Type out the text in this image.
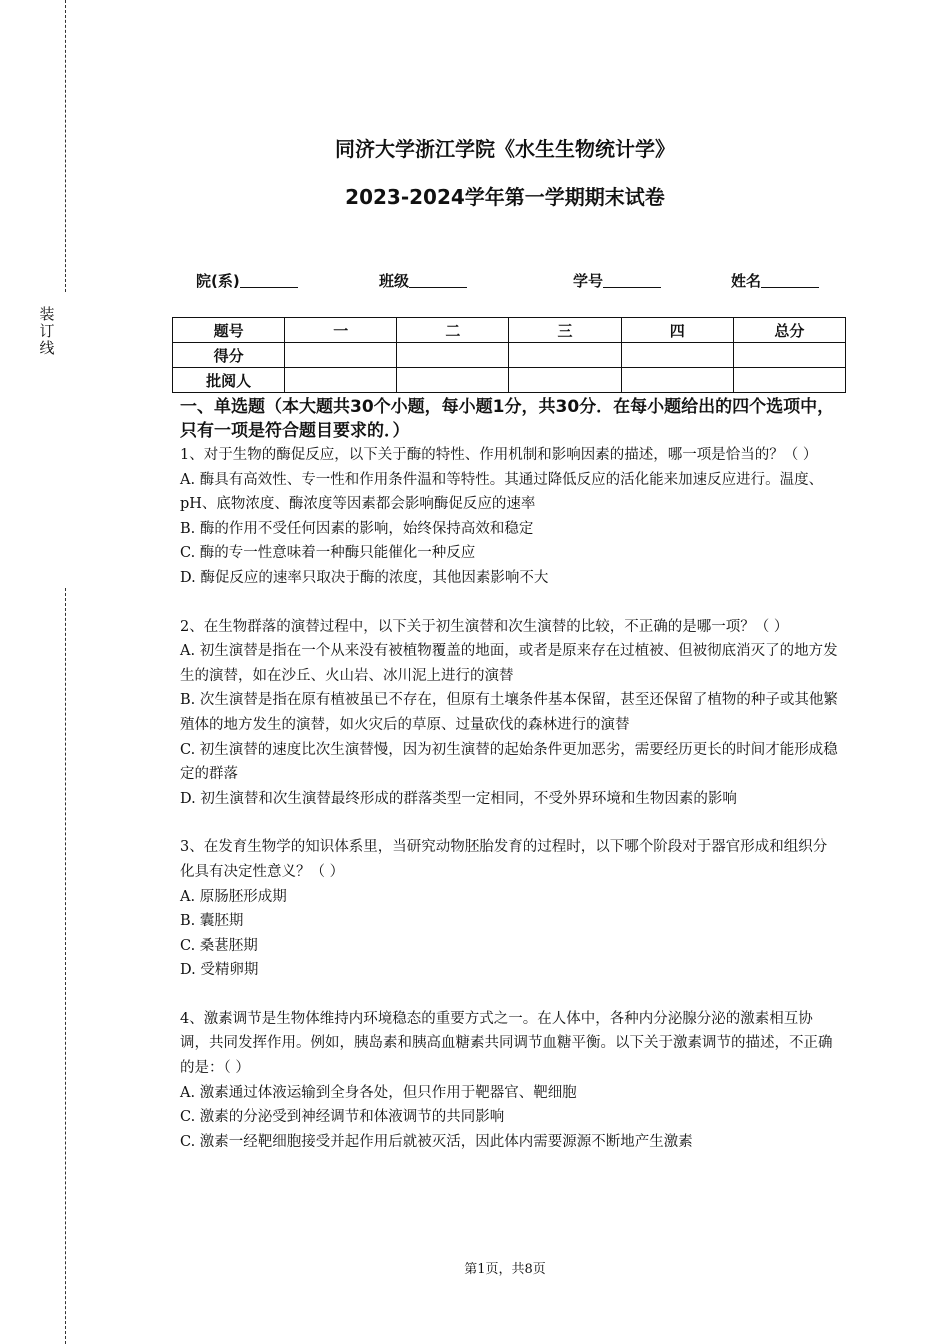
装
订
线
同济大学浙江学院《水生生物统计学》
2023-2024学年第一学期期末试卷
院(系)	班级	学号	姓名
题号	一	二	三	四	总分
得分					
批阅人					

一、单选题（本大题共30个小题，每小题1分，共30分．在每小题给出的四个选项中，只有一项是符合题目要求的．）

1、对于生物的酶促反应，以下关于酶的特性、作用机制和影响因素的描述，哪一项是恰当的？（ ）

A. 酶具有高效性、专一性和作用条件温和等特性。其通过降低反应的活化能来加速反应进行。温度、pH、底物浓度、酶浓度等因素都会影响酶促反应的速率
B. 酶的作用不受任何因素的影响，始终保持高效和稳定
C. 酶的专一性意味着一种酶只能催化一种反应
D. 酶促反应的速率只取决于酶的浓度，其他因素影响不大

2、在生物群落的演替过程中，以下关于初生演替和次生演替的比较，不正确的是哪一项？（ ）

A. 初生演替是指在一个从来没有被植物覆盖的地面，或者是原来存在过植被、但被彻底消灭了的地方发生的演替，如在沙丘、火山岩、冰川泥上进行的演替
B. 次生演替是指在原有植被虽已不存在，但原有土壤条件基本保留，甚至还保留了植物的种子或其他繁殖体的地方发生的演替，如火灾后的草原、过量砍伐的森林进行的演替
C. 初生演替的速度比次生演替慢，因为初生演替的起始条件更加恶劣，需要经历更长的时间才能形成稳定的群落
D. 初生演替和次生演替最终形成的群落类型一定相同，不受外界环境和生物因素的影响

3、在发育生物学的知识体系里，当研究动物胚胎发育的过程时，以下哪个阶段对于器官形成和组织分化具有决定性意义？（ ）

A. 原肠胚形成期
B. 囊胚期
C. 桑葚胚期
D. 受精卵期

4、激素调节是生物体维持内环境稳态的重要方式之一。在人体中，各种内分泌腺分泌的激素相互协调，共同发挥作用。例如，胰岛素和胰高血糖素共同调节血糖平衡。以下关于激素调节的描述，不正确的是：（ ）

A. 激素通过体液运输到全身各处，但只作用于靶器官、靶细胞
C. 激素的分泌受到神经调节和体液调节的共同影响
C. 激素一经靶细胞接受并起作用后就被灭活，因此体内需要源源不断地产生激素
第1页，共8页
